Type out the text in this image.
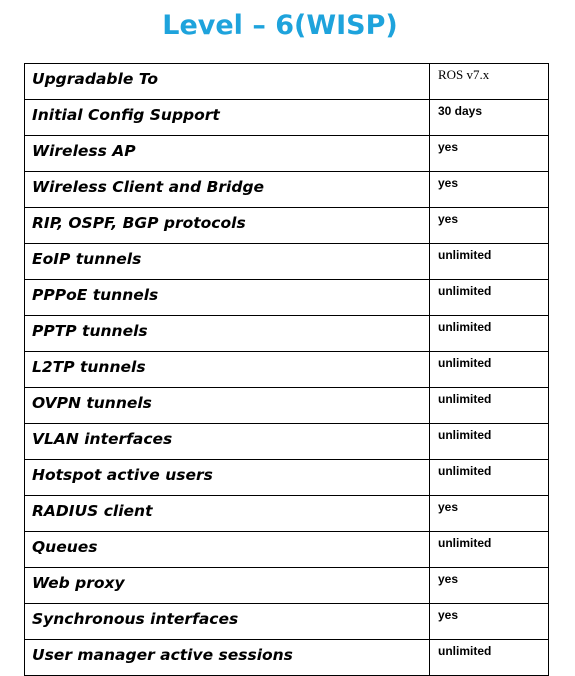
Level – 6(WISP)
Upgradable To	ROS v7.x
Initial Config Support	30 days
Wireless AP	yes
Wireless Client and Bridge	yes
RIP, OSPF, BGP protocols	yes
EoIP tunnels	unlimited
PPPoE tunnels	unlimited
PPTP tunnels	unlimited
L2TP tunnels	unlimited
OVPN tunnels	unlimited
VLAN interfaces	unlimited
Hotspot active users	unlimited
RADIUS client	yes
Queues	unlimited
Web proxy	yes
Synchronous interfaces	yes
User manager active sessions	unlimited
